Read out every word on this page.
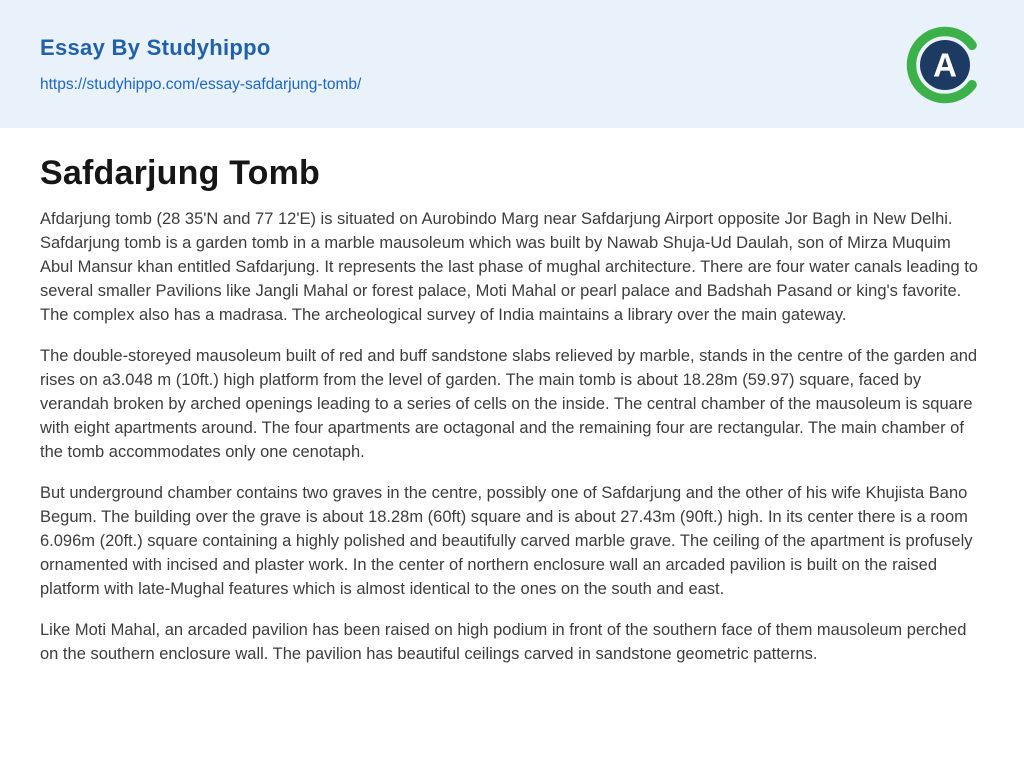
Essay By Studyhippo
https://studyhippo.com/essay-safdarjung-tomb/
A
Safdarjung Tomb

Afdarjung tomb (28 35'N and 77 12'E) is situated on Aurobindo Marg near Safdarjung Airport opposite Jor Bagh in New Delhi. Safdarjung tomb is a garden tomb in a marble mausoleum which was built by Nawab Shuja-Ud Daulah, son of Mirza Muquim Abul Mansur khan entitled Safdarjung. It represents the last phase of mughal architecture. There are four water canals leading to several smaller Pavilions like Jangli Mahal or forest palace, Moti Mahal or pearl palace and Badshah Pasand or king's favorite. The complex also has a madrasa. The archeological survey of India maintains a library over the main gateway.

The double-storeyed mausoleum built of red and buff sandstone slabs relieved by marble, stands in the centre of the garden and rises on a3.048 m (10ft.) high platform from the level of garden. The main tomb is about 18.28m (59.97) square, faced by verandah broken by arched openings leading to a series of cells on the inside. The central chamber of the mausoleum is square with eight apartments around. The four apartments are octagonal and the remaining four are rectangular. The main chamber of the tomb accommodates only one cenotaph.

But underground chamber contains two graves in the centre, possibly one of Safdarjung and the other of his wife Khujista Bano Begum. The building over the grave is about 18.28m (60ft) square and is about 27.43m (90ft.) high. In its center there is a room 6.096m (20ft.) square containing a highly polished and beautifully carved marble grave. The ceiling of the apartment is profusely ornamented with incised and plaster work. In the center of northern enclosure wall an arcaded pavilion is built on the raised platform with late-Mughal features which is almost identical to the ones on the south and east.

Like Moti Mahal, an arcaded pavilion has been raised on high podium in front of the southern face of them mausoleum perched on the southern enclosure wall. The pavilion has beautiful ceilings carved in sandstone geometric patterns.
